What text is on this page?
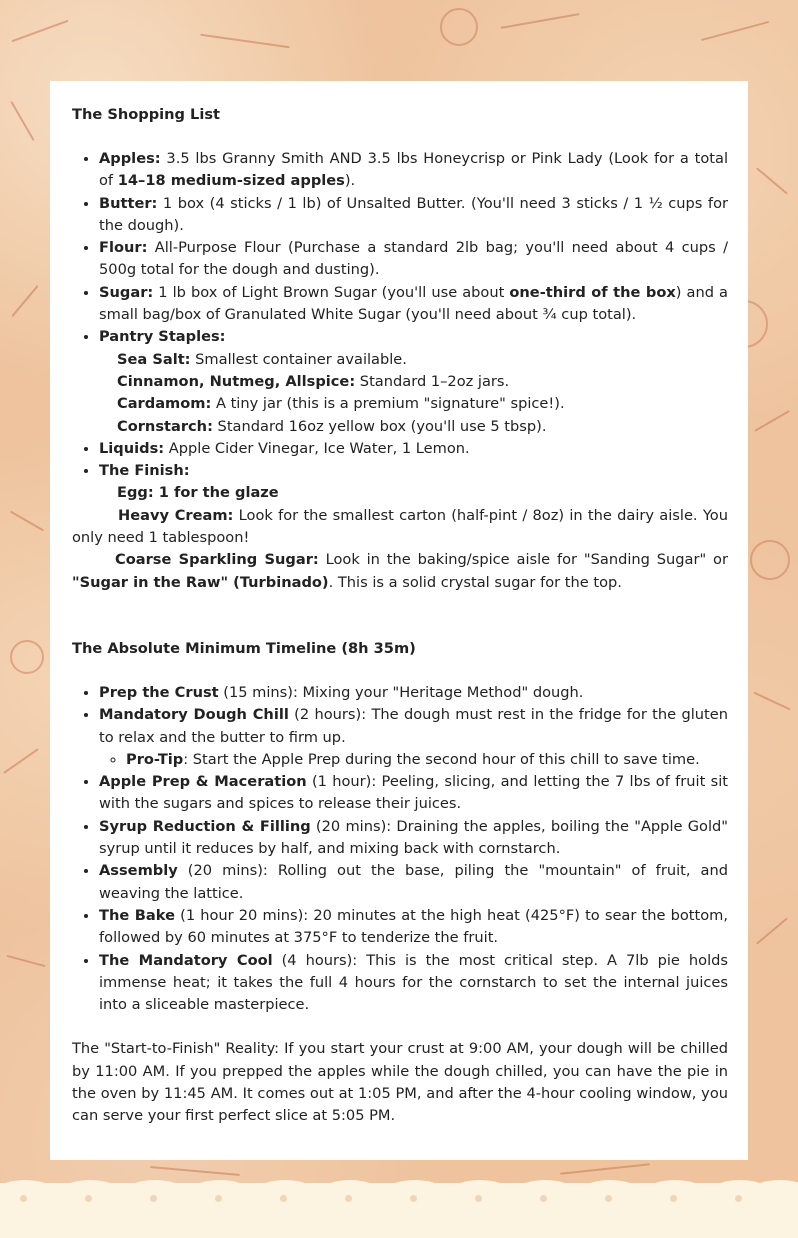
The Shopping List
• Apples: 3.5 lbs Granny Smith AND 3.5 lbs Honeycrisp or Pink Lady (Look for a total of 14–18 medium-sized apples).
• Butter: 1 box (4 sticks / 1 lb) of Unsalted Butter. (You'll need 3 sticks / 1 ½ cups for the dough).
• Flour: All-Purpose Flour (Purchase a standard 2lb bag; you'll need about 4 cups / 500g total for the dough and dusting).
• Sugar: 1 lb box of Light Brown Sugar (you'll use about one-third of the box) and a small bag/box of Granulated White Sugar (you'll need about ¾ cup total).
• Pantry Staples:
Sea Salt: Smallest container available.
Cinnamon, Nutmeg, Allspice: Standard 1–2oz jars.
Cardamom: A tiny jar (this is a premium "signature" spice!).
Cornstarch: Standard 16oz yellow box (you'll use 5 tbsp).
• Liquids: Apple Cider Vinegar, Ice Water, 1 Lemon.
• The Finish:
Egg: 1 for the glaze

Heavy Cream: Look for the smallest carton (half-pint / 8oz) in the dairy aisle. You only need 1 tablespoon!

Coarse Sparkling Sugar: Look in the baking/spice aisle for "Sanding Sugar" or "Sugar in the Raw" (Turbinado). This is a solid crystal sugar for the top.

The Absolute Minimum Timeline (8h 35m)
• Prep the Crust (15 mins): Mixing your "Heritage Method" dough.
• Mandatory Dough Chill (2 hours): The dough must rest in the fridge for the gluten to relax and the butter to firm up.
◦ Pro-Tip: Start the Apple Prep during the second hour of this chill to save time.
• Apple Prep & Maceration (1 hour): Peeling, slicing, and letting the 7 lbs of fruit sit with the sugars and spices to release their juices.
• Syrup Reduction & Filling (20 mins): Draining the apples, boiling the "Apple Gold" syrup until it reduces by half, and mixing back with cornstarch.
• Assembly (20 mins): Rolling out the base, piling the "mountain" of fruit, and weaving the lattice.
• The Bake (1 hour 20 mins): 20 minutes at the high heat (425°F) to sear the bottom, followed by 60 minutes at 375°F to tenderize the fruit.
• The Mandatory Cool (4 hours): This is the most critical step. A 7lb pie holds immense heat; it takes the full 4 hours for the cornstarch to set the internal juices into a sliceable masterpiece.

The "Start-to-Finish" Reality: If you start your crust at 9:00 AM, your dough will be chilled by 11:00 AM. If you prepped the apples while the dough chilled, you can have the pie in the oven by 11:45 AM. It comes out at 1:05 PM, and after the 4-hour cooling window, you can serve your first perfect slice at 5:05 PM.
